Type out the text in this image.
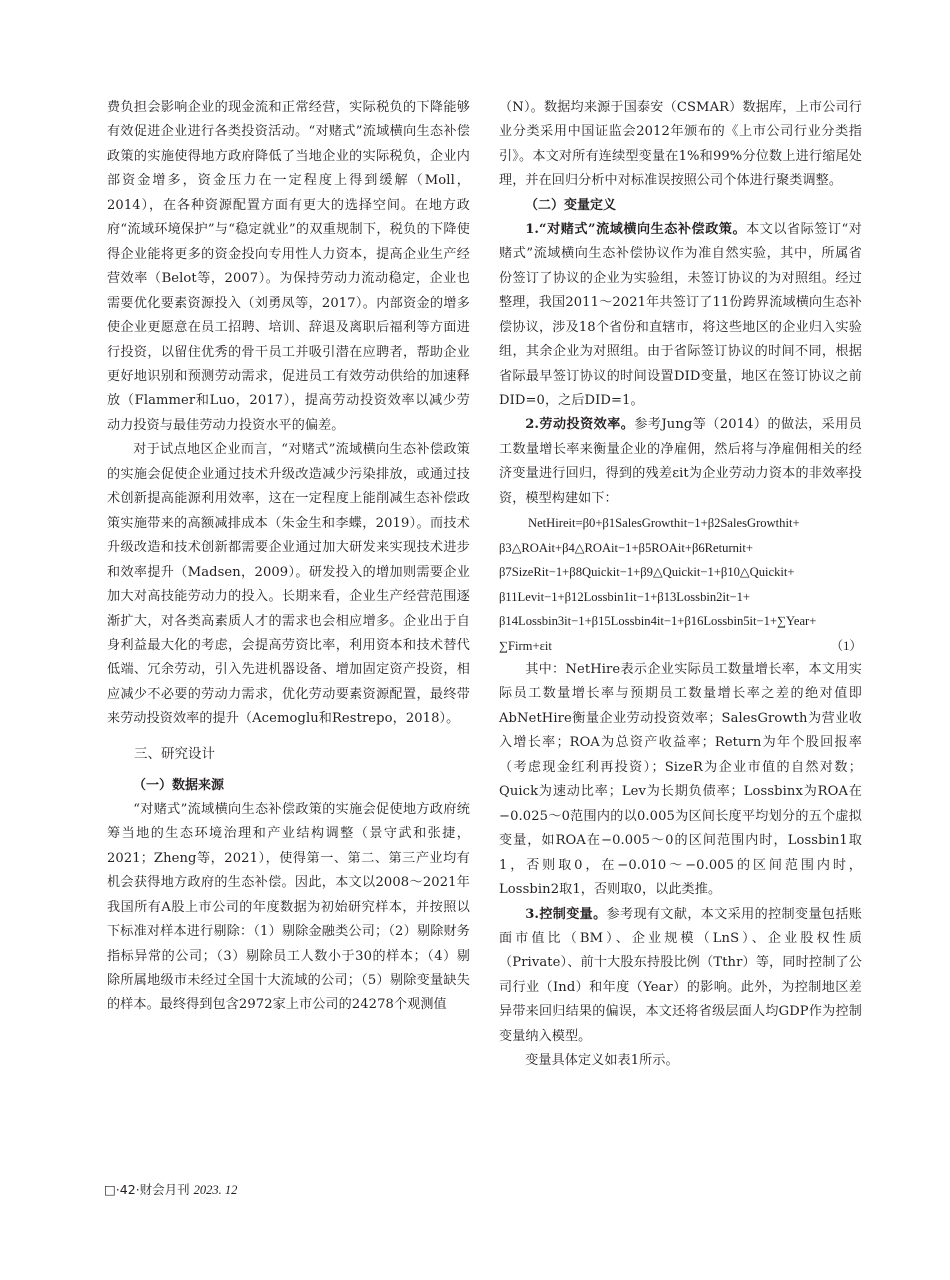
费负担会影响企业的现金流和正常经营，实际税负的下降能够有效促进企业进行各类投资活动。“对赌式”流域横向生态补偿政策的实施使得地方政府降低了当地企业的实际税负，企业内部资金增多，资金压力在一定程度上得到缓解（Moll，2014），在各种资源配置方面有更大的选择空间。在地方政府“流域环境保护”与“稳定就业”的双重规制下，税负的下降使得企业能将更多的资金投向专用性人力资本，提高企业生产经营效率（Belot等，2007）。为保持劳动力流动稳定，企业也需要优化要素资源投入（刘勇凤等，2017）。内部资金的增多使企业更愿意在员工招聘、培训、辞退及离职后福利等方面进行投资，以留住优秀的骨干员工并吸引潜在应聘者，帮助企业更好地识别和预测劳动需求，促进员工有效劳动供给的加速释放（Flammer和Luo，2017），提高劳动投资效率以减少劳动力投资与最佳劳动力投资水平的偏差。

对于试点地区企业而言，“对赌式”流域横向生态补偿政策的实施会促使企业通过技术升级改造减少污染排放，或通过技术创新提高能源利用效率，这在一定程度上能削减生态补偿政策实施带来的高额减排成本（朱金生和李蝶，2019）。而技术升级改造和技术创新都需要企业通过加大研发来实现技术进步和效率提升（Madsen，2009）。研发投入的增加则需要企业加大对高技能劳动力的投入。长期来看，企业生产经营范围逐渐扩大，对各类高素质人才的需求也会相应增多。企业出于自身利益最大化的考虑，会提高劳资比率，利用资本和技术替代低端、冗余劳动，引入先进机器设备、增加固定资产投资，相应减少不必要的劳动力需求，优化劳动要素资源配置，最终带来劳动投资效率的提升（Acemoglu和Restrepo，2018）。

三、研究设计
（一）数据来源

“对赌式”流域横向生态补偿政策的实施会促使地方政府统筹当地的生态环境治理和产业结构调整（景守武和张捷，2021；Zheng等，2021），使得第一、第二、第三产业均有机会获得地方政府的生态补偿。因此，本文以2008～2021年我国所有A股上市公司的年度数据为初始研究样本，并按照以下标准对样本进行剔除：（1）剔除金融类公司；（2）剔除财务指标异常的公司；（3）剔除员工人数小于30的样本；（4）剔除所属地级市未经过全国十大流域的公司；（5）剔除变量缺失的样本。最终得到包含2972家上市公司的24278个观测值

（N）。数据均来源于国泰安（CSMAR）数据库，上市公司行业分类采用中国证监会2012年颁布的《上市公司行业分类指引》。本文对所有连续型变量在1%和99%分位数上进行缩尾处理，并在回归分析中对标准误按照公司个体进行聚类调整。

（二）变量定义

1.“对赌式”流域横向生态补偿政策。本文以省际签订“对赌式”流域横向生态补偿协议作为准自然实验，其中，所属省份签订了协议的企业为实验组，未签订协议的为对照组。经过整理，我国2011～2021年共签订了11份跨界流域横向生态补偿协议，涉及18个省份和直辖市，将这些地区的企业归入实验组，其余企业为对照组。由于省际签订协议的时间不同，根据省际最早签订协议的时间设置DID变量，地区在签订协议之前DID=0，之后DID=1。

2.劳动投资效率。参考Jung等（2014）的做法，采用员工数量增长率来衡量企业的净雇佣，然后将与净雇佣相关的经济变量进行回归，得到的残差εit为企业劳动力资本的非效率投资，模型构建如下：

NetHireit=β0+β1SalesGrowthit−1+β2SalesGrowthit+

β3△ROAit+β4△ROAit−1+β5ROAit+β6Returnit+

β7SizeRit−1+β8Quickit−1+β9△Quickit−1+β10△Quickit+

β11Levit−1+β12Lossbin1it−1+β13Lossbin2it−1+

β14Lossbin3it−1+β15Lossbin4it−1+β16Lossbin5it−1+∑Year+

∑Firm+εit	（1）

其中：NetHire表示企业实际员工数量增长率，本文用实际员工数量增长率与预期员工数量增长率之差的绝对值即AbNetHire衡量企业劳动投资效率；SalesGrowth为营业收入增长率；ROA为总资产收益率；Return为年个股回报率（考虑现金红利再投资）；SizeR为企业市值的自然对数；Quick为速动比率；Lev为长期负债率；Lossbinx为ROA在−0.025～0范围内的以0.005为区间长度平均划分的五个虚拟变量，如ROA在−0.005～0的区间范围内时，Lossbin1取1，否则取0，在−0.010～−0.005的区间范围内时，Lossbin2取1，否则取0，以此类推。

3.控制变量。参考现有文献，本文采用的控制变量包括账面市值比（BM）、企业规模（LnS）、企业股权性质（Private）、前十大股东持股比例（Tthr）等，同时控制了公司行业（Ind）和年度（Year）的影响。此外，为控制地区差异带来回归结果的偏误，本文还将省级层面人均GDP作为控制变量纳入模型。

变量具体定义如表1所示。

□·42·财会月刊 2023. 12
